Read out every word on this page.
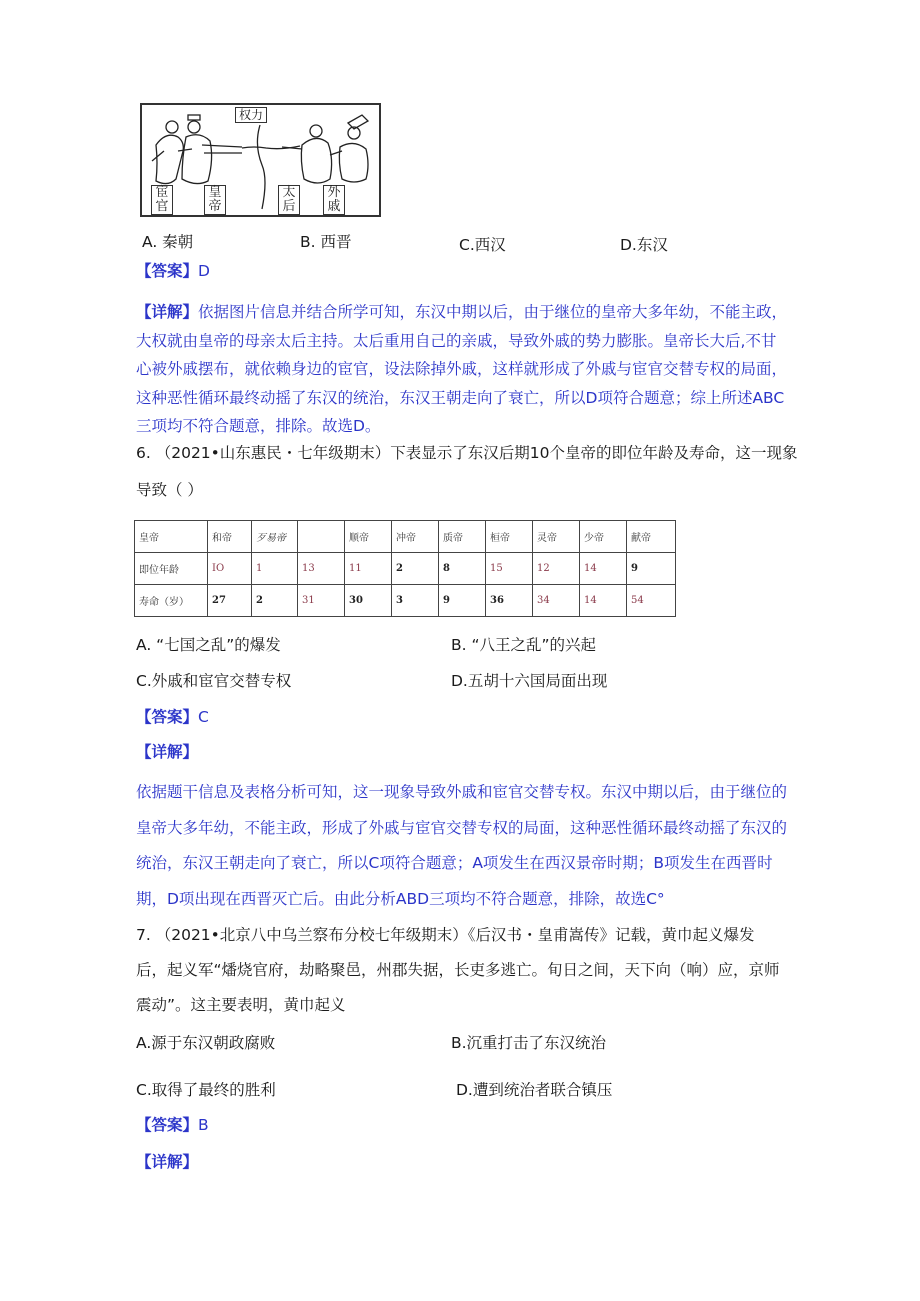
权力
宦官
皇帝
太后
外戚
A. 秦朝	B. 西晋	C.西汉	D.东汉
【答案】D
【详解】依据图片信息并结合所学可知，东汉中期以后，由于继位的皇帝大多年幼，不能主政，
大权就由皇帝的母亲太后主持。太后重用自己的亲戚，导致外戚的势力膨胀。皇帝长大后,不甘
心被外戚摆布，就依赖身边的宦官，设法除掉外戚，这样就形成了外戚与宦官交替专权的局面，
这种恶性循环最终动摇了东汉的统治，东汉王朝走向了衰亡，所以D项符合题意；综上所述ABC
三项均不符合题意，排除。故选D。
6. （2021•山东惠民・七年级期末）下表显示了东汉后期10个皇帝的即位年龄及寿命，这一现象
导致（ ）
皇帝	和帝	歹易帝		顺帝	冲帝	质帝	桓帝	灵帝	少帝	献帝
即位年龄	IO	1	13	11	2	8	15	12	14	9
寿命（岁）	27	2	31	30	3	9	36	34	14	54
A. “七国之乱”的爆发	B. “八王之乱”的兴起
C.外戚和宦官交替专权	D.五胡十六国局面出现
【答案】C
【详解】
依据题干信息及表格分析可知，这一现象导致外戚和宦官交替专权。东汉中期以后，由于继位的
皇帝大多年幼，不能主政，形成了外戚与宦官交替专权的局面，这种恶性循环最终动摇了东汉的
统治，东汉王朝走向了衰亡，所以C项符合题意；A项发生在西汉景帝时期；B项发生在西晋时
期，D项出现在西晋灭亡后。由此分析ABD三项均不符合题意，排除，故选C°
7. （2021•北京八中乌兰察布分校七年级期末）《后汉书・皇甫嵩传》记载，黄巾起义爆发
后，起义军“燔烧官府，劫略聚邑，州郡失据，长吏多逃亡。旬日之间，天下向（响）应，京师
震动”。这主要表明，黄巾起义
A.源于东汉朝政腐败	B.沉重打击了东汉统治
C.取得了最终的胜利	D.遭到统治者联合镇压
【答案】B
【详解】
